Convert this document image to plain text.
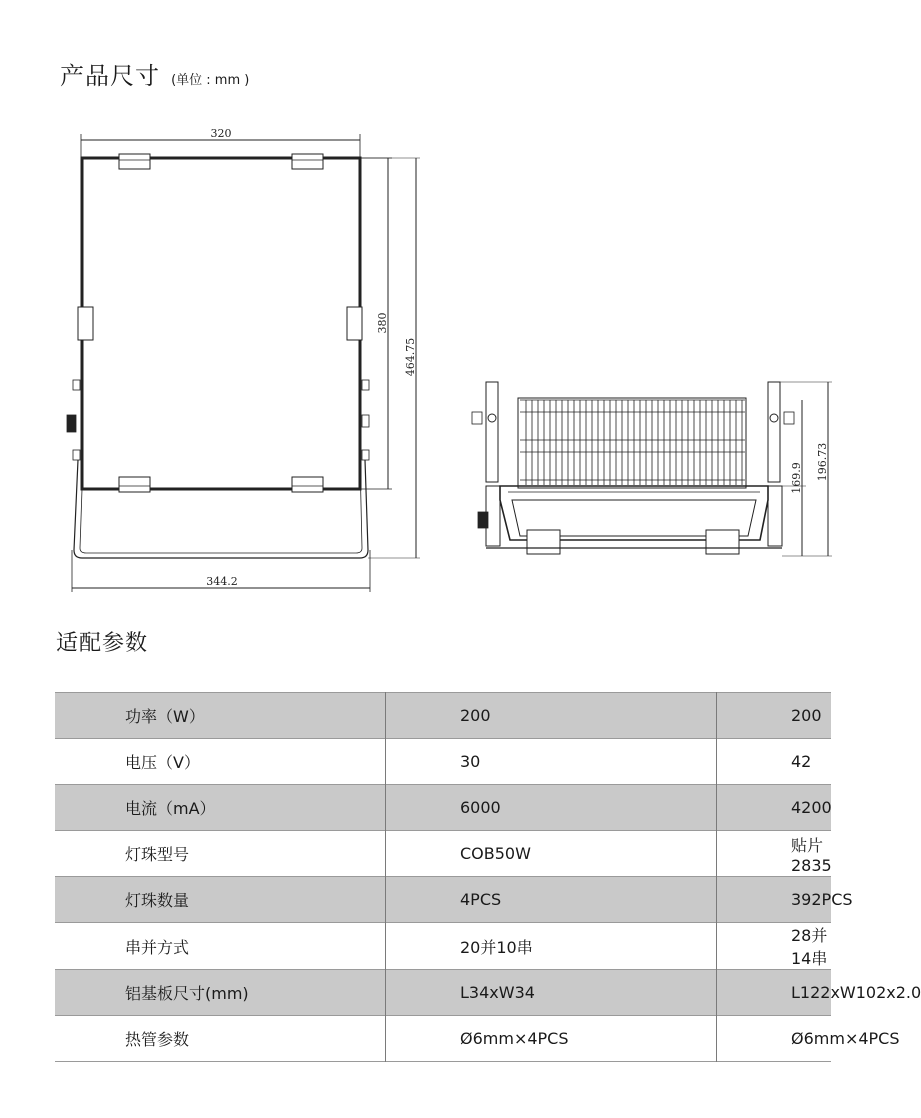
产品尺寸 (单位 : mm )
320
380
464.75
344.2
169.9 196.73
适配参数
功率（W）	200	200
电压（V）	30	42
电流（mA）	6000	4200
灯珠型号	COB50W	贴片2835
灯珠数量	4PCS	392PCS
串并方式	20并10串	28并14串
铝基板尺寸(mm)	L34xW34	L122xW102x2.0
热管参数	Ø6mm×4PCS	Ø6mm×4PCS
